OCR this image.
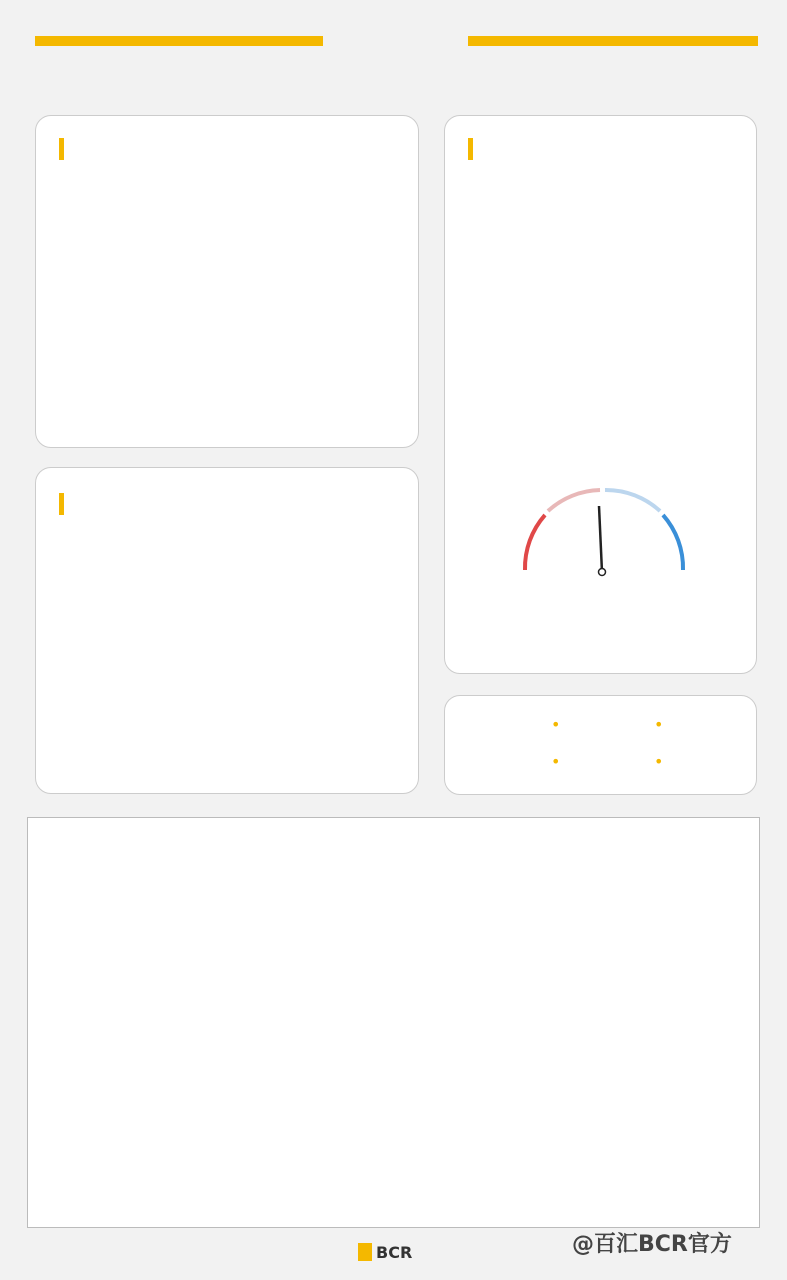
•	•
•	•
BCR	@百汇BCR官方
